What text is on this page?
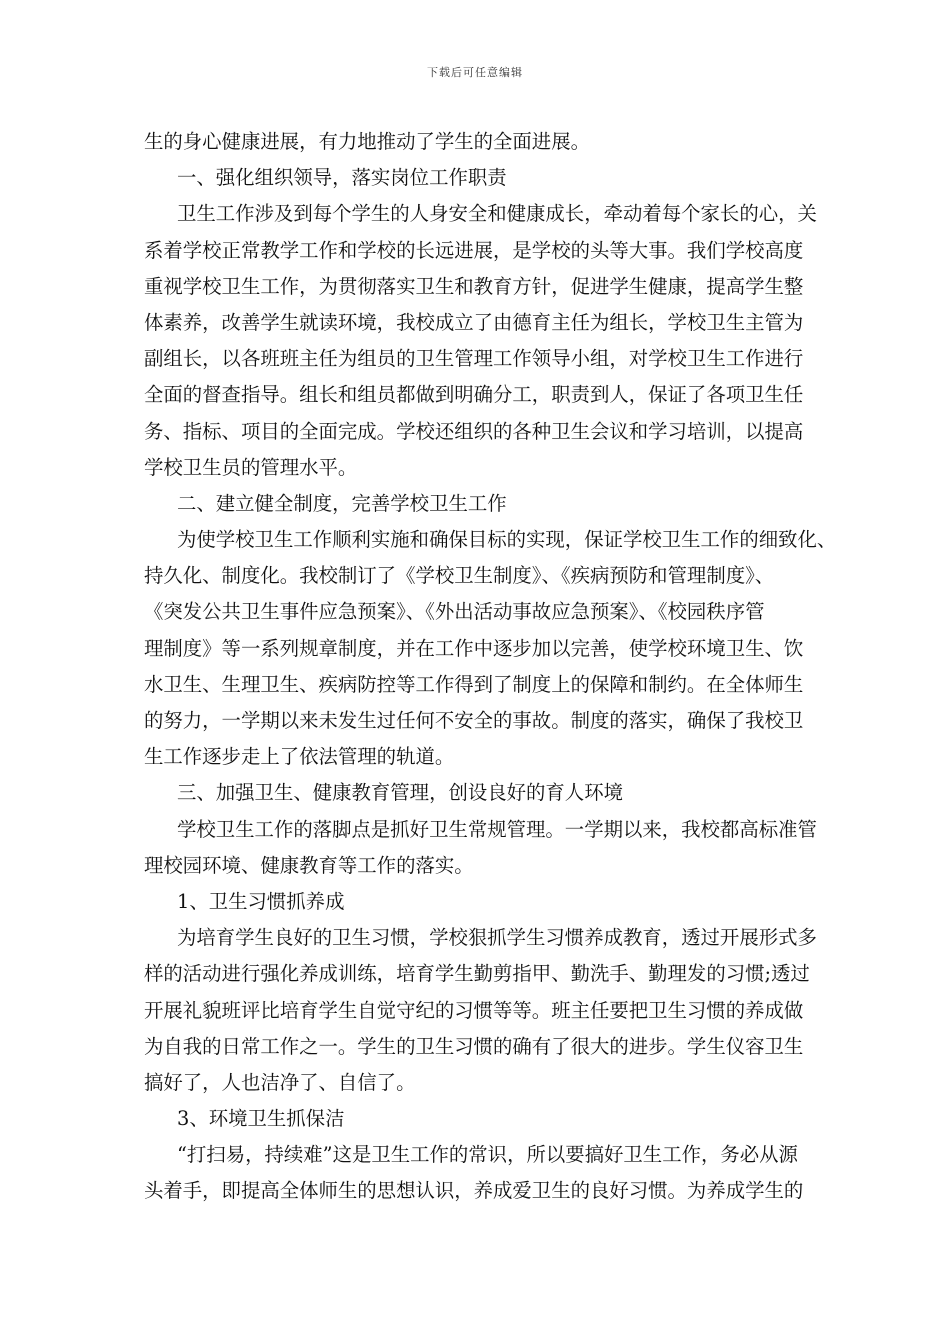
下载后可任意编辑
生的身心健康进展，有力地推动了学生的全面进展。
一、强化组织领导，落实岗位工作职责
卫生工作涉及到每个学生的人身安全和健康成长，牵动着每个家长的心，关
系着学校正常教学工作和学校的长远进展，是学校的头等大事。我们学校高度
重视学校卫生工作，为贯彻落实卫生和教育方针，促进学生健康，提高学生整
体素养，改善学生就读环境，我校成立了由德育主任为组长，学校卫生主管为
副组长，以各班班主任为组员的卫生管理工作领导小组，对学校卫生工作进行
全面的督查指导。组长和组员都做到明确分工，职责到人，保证了各项卫生任
务、指标、项目的全面完成。学校还组织的各种卫生会议和学习培训，以提高
学校卫生员的管理水平。
二、建立健全制度，完善学校卫生工作
为使学校卫生工作顺利实施和确保目标的实现，保证学校卫生工作的细致化、
持久化、制度化。我校制订了《学校卫生制度》、《疾病预防和管理制度》、
《突发公共卫生事件应急预案》、《外出活动事故应急预案》、《校园秩序管
理制度》等一系列规章制度，并在工作中逐步加以完善，使学校环境卫生、饮
水卫生、生理卫生、疾病防控等工作得到了制度上的保障和制约。在全体师生
的努力，一学期以来未发生过任何不安全的事故。制度的落实，确保了我校卫
生工作逐步走上了依法管理的轨道。
三、加强卫生、健康教育管理，创设良好的育人环境
学校卫生工作的落脚点是抓好卫生常规管理。一学期以来，我校都高标准管
理校园环境、健康教育等工作的落实。
1、卫生习惯抓养成
为培育学生良好的卫生习惯，学校狠抓学生习惯养成教育，透过开展形式多
样的活动进行强化养成训练，培育学生勤剪指甲、勤洗手、勤理发的习惯;透过
开展礼貌班评比培育学生自觉守纪的习惯等等。班主任要把卫生习惯的养成做
为自我的日常工作之一。学生的卫生习惯的确有了很大的进步。学生仪容卫生
搞好了，人也洁净了、自信了。
3、环境卫生抓保洁
“打扫易，持续难”这是卫生工作的常识，所以要搞好卫生工作，务必从源
头着手，即提高全体师生的思想认识，养成爱卫生的良好习惯。为养成学生的
